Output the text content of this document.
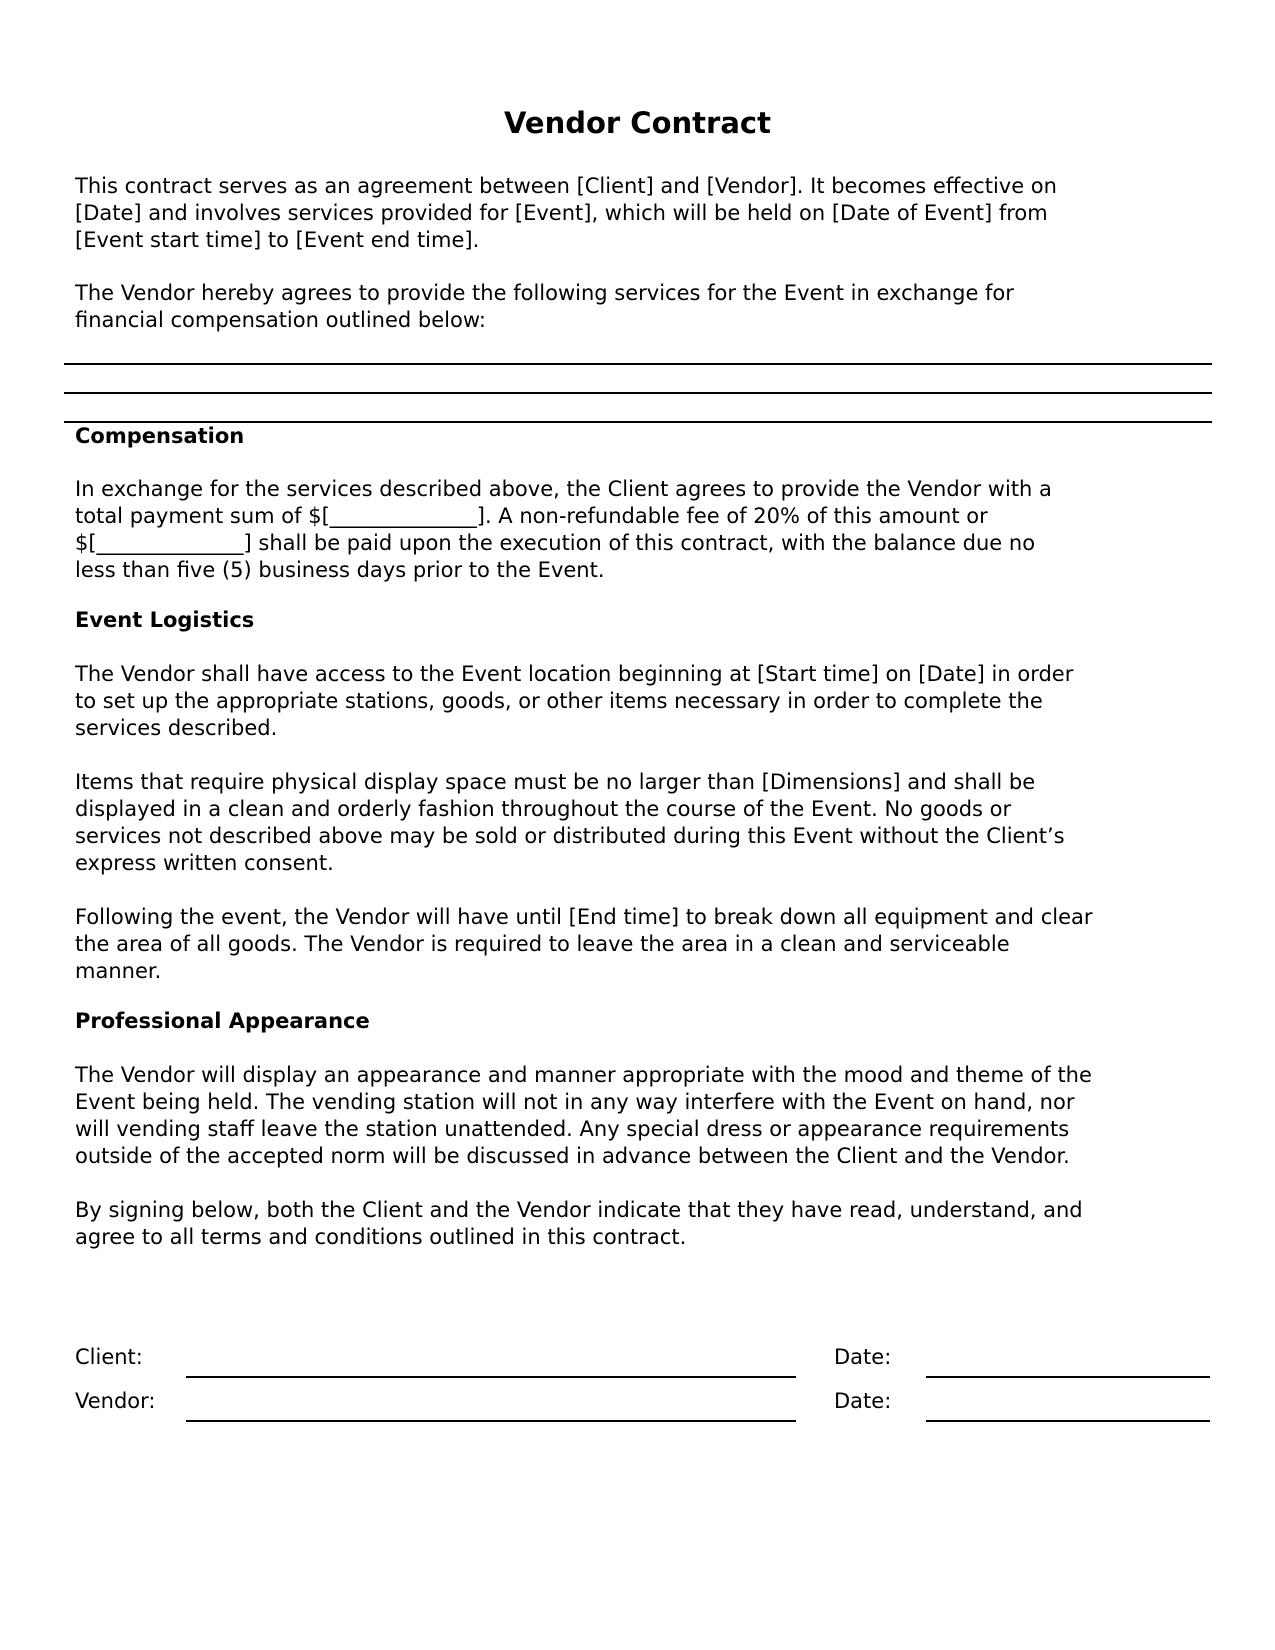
Vendor Contract

This contract serves as an agreement between [Client] and [Vendor]. It becomes effective on

[Date] and involves services provided for [Event], which will be held on [Date of Event] from

[Event start time] to [Event end time].

The Vendor hereby agrees to provide the following services for the Event in exchange for

financial compensation outlined below:

Compensation

In exchange for the services described above, the Client agrees to provide the Vendor with a

total payment sum of $[______________]. A non-refundable fee of 20% of this amount or

$[______________] shall be paid upon the execution of this contract, with the balance due no

less than five (5) business days prior to the Event.

Event Logistics

The Vendor shall have access to the Event location beginning at [Start time] on [Date] in order

to set up the appropriate stations, goods, or other items necessary in order to complete the

services described.

Items that require physical display space must be no larger than [Dimensions] and shall be

displayed in a clean and orderly fashion throughout the course of the Event. No goods or

services not described above may be sold or distributed during this Event without the Client’s

express written consent.

Following the event, the Vendor will have until [End time] to break down all equipment and clear

the area of all goods. The Vendor is required to leave the area in a clean and serviceable

manner.

Professional Appearance

The Vendor will display an appearance and manner appropriate with the mood and theme of the

Event being held. The vending station will not in any way interfere with the Event on hand, nor

will vending staff leave the station unattended. Any special dress or appearance requirements

outside of the accepted norm will be discussed in advance between the Client and the Vendor.

By signing below, both the Client and the Vendor indicate that they have read, understand, and

agree to all terms and conditions outlined in this contract.

Client:	Date:
Vendor:	Date:
